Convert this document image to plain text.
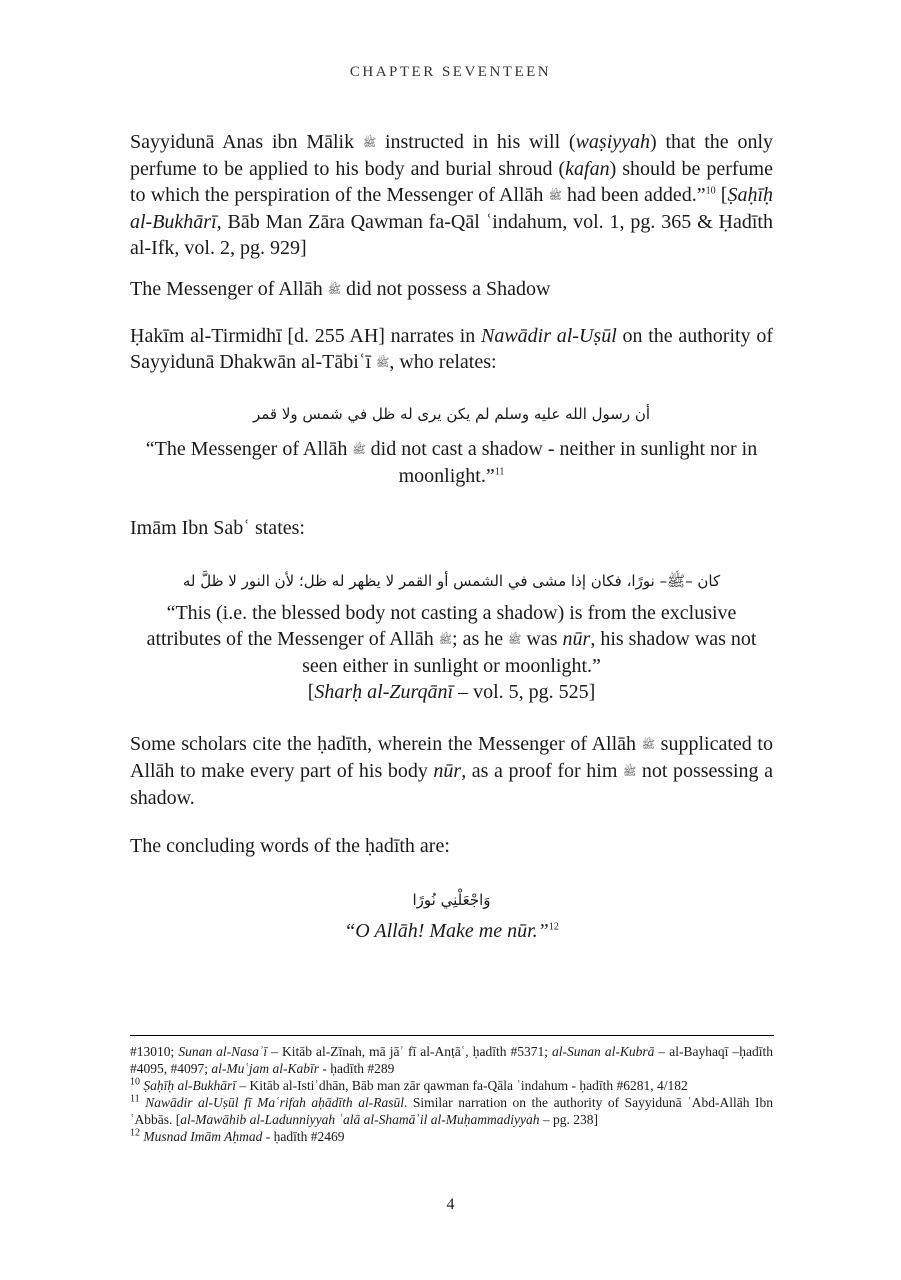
CHAPTER SEVENTEEN
Sayyidunā Anas ibn Mālik ﷺ instructed in his will (waṣiyyah) that the only perfume to be applied to his body and burial shroud (kafan) should be perfume to which the perspiration of the Messenger of Allāh ﷺ had been added.”$^{10}$ [Ṣaḥīḥ al-Bukhārī, Bāb Man Zāra Qawman fa-Qāl ʿindahum, vol. 1, pg. 365 & Ḥadīth al-Ifk, vol. 2, pg. 929]
The Messenger of Allāh ﷺ did not possess a Shadow
Ḥakīm al-Tirmidhī [d. 255 AH] narrates in Nawādir al-Uṣūl on the authority of Sayyidunā Dhakwān al-Tābiʿī ﷺ, who relates:
أن رسول الله عليه وسلم لم يكن يرى له ظل في شمس ولا قمر
“The Messenger of Allāh ﷺ did not cast a shadow - neither in sunlight nor in moonlight.”$^{11}$
Imām Ibn Sabʿ states:
كان –ﷺ– نورًا، فكان إذا مشى في الشمس أو القمر لا يظهر له ظل؛ لأن النور لا ظلَّ له
“This (i.e. the blessed body not casting a shadow) is from the exclusive attributes of the Messenger of Allāh ﷺ; as he ﷺ was nūr, his shadow was not seen either in sunlight or moonlight.”
[Sharḥ al-Zurqānī – vol. 5, pg. 525]
Some scholars cite the ḥadīth, wherein the Messenger of Allāh ﷺ supplicated to Allāh to make every part of his body nūr, as a proof for him ﷺ not possessing a shadow.
The concluding words of the ḥadīth are:
وَاجْعَلْنِي نُورًا
“O Allāh! Make me nūr.”$^{12}$

#13010; Sunan al-Nasaʾī – Kitāb al-Zīnah, mā jāʾ fī al-Anṭāʿ, ḥadīth #5371; al-Sunan al-Kubrā – al-Bayhaqī –ḥadīth #4095, #4097; al-Muʿjam al-Kabīr - ḥadīth #289

$^{10}$ Ṣaḥīḥ al-Bukhārī – Kitāb al-Istiʾdhān, Bāb man zār qawman fa-Qāla ʿindahum - ḥadīth #6281, 4/182

$^{11}$ Nawādir al-Uṣūl fī Maʿrifah aḥādīth al-Rasūl. Similar narration on the authority of Sayyidunā ʿAbd-Allāh Ibn ʿAbbās. [al-Mawāhib al-Ladunniyyah ʿalā al-Shamāʾil al-Muḥammadiyyah – pg. 238]

$^{12}$ Musnad Imām Aḥmad - ḥadīth #2469

4
